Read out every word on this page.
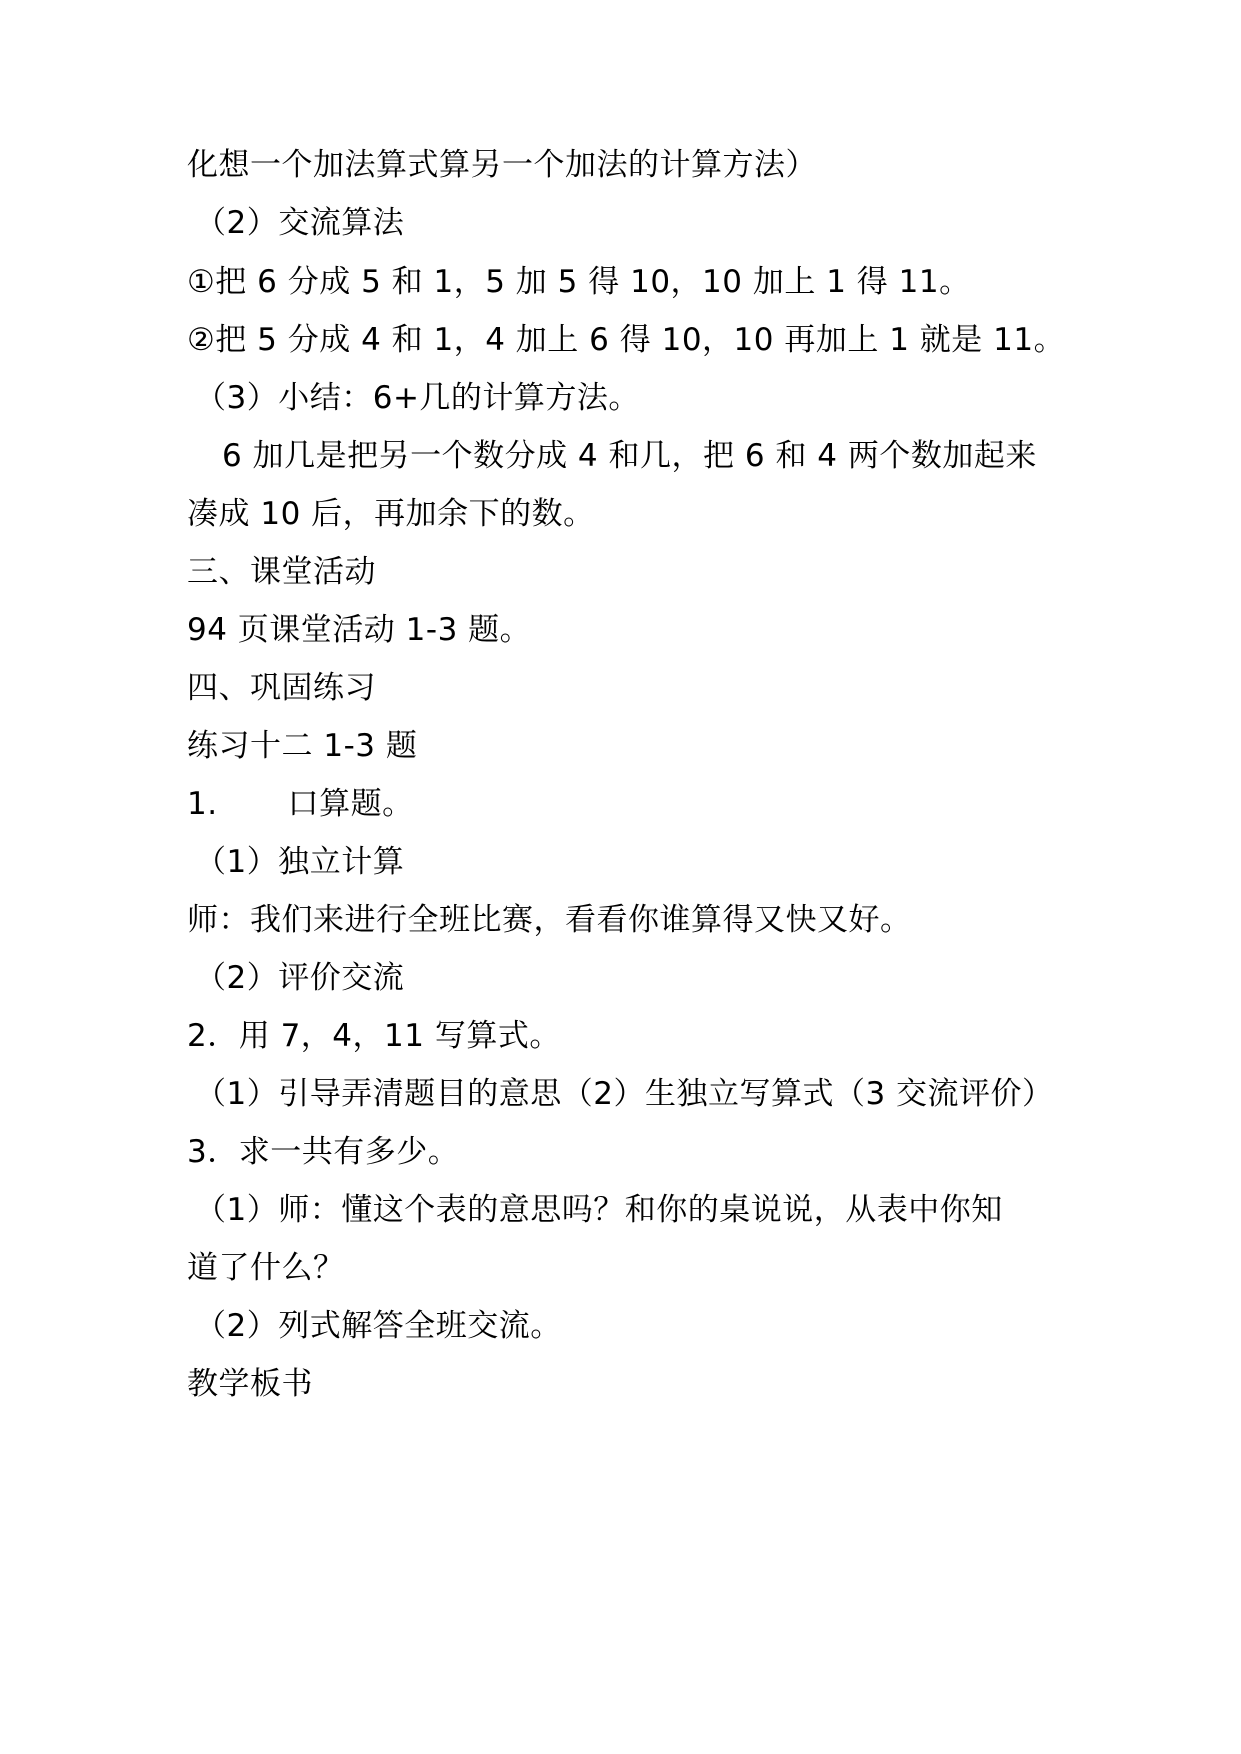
化想一个加法算式算另一个加法的计算方法）
（2）交流算法
①把 6 分成 5 和 1，5 加 5 得 10，10 加上 1 得 11。
②把 5 分成 4 和 1，4 加上 6 得 10，10 再加上 1 就是 11。
（3）小结：6+几的计算方法。
6 加几是把另一个数分成 4 和几，把 6 和 4 两个数加起来
凑成 10 后，再加余下的数。
三、课堂活动
94 页课堂活动 1-3 题。
四、巩固练习
练习十二 1-3 题
1. 口算题。
（1）独立计算
师：我们来进行全班比赛，看看你谁算得又快又好。
（2）评价交流
2．用 7，4，11 写算式。
（1）引导弄清题目的意思（2）生独立写算式（3 交流评价）
3．求一共有多少。
（1）师：懂这个表的意思吗？和你的桌说说，从表中你知
道了什么？
（2）列式解答全班交流。
教学板书
